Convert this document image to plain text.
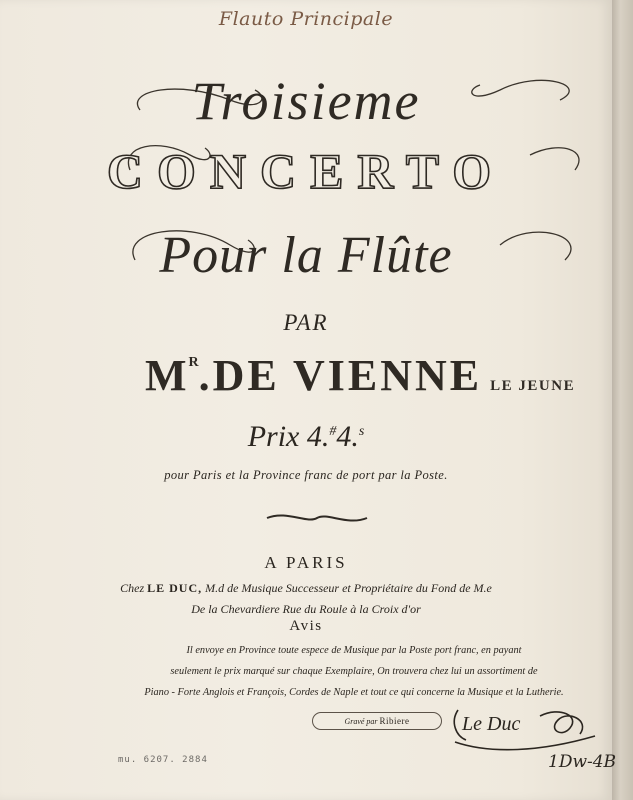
Flauto Principale
Troisieme
CONCERTO
Pour la Flûte
PAR
$M^R.DE$ VIENNE LE JEUNE
Prix 4.#4.$^s$
pour Paris et la Province franc de port par la Poste.
A PARIS
Chez LE DUC, M.d de Musique Successeur et Propriétaire du Fond de M.e
De la Chevardiere Rue du Roule à la Croix d'or
Avis
Il envoye en Province toute espece de Musique par la Poste port franc, en payant
seulement le prix marqué sur chaque Exemplaire, On trouvera chez lui un assortiment de
Piano - Forte Anglois et François, Cordes de Naple et tout ce qui concerne la Musique et la Lutherie.
Gravé par Ribiere
mu. 6207. 2884
Le Duc
1Dw-4B
